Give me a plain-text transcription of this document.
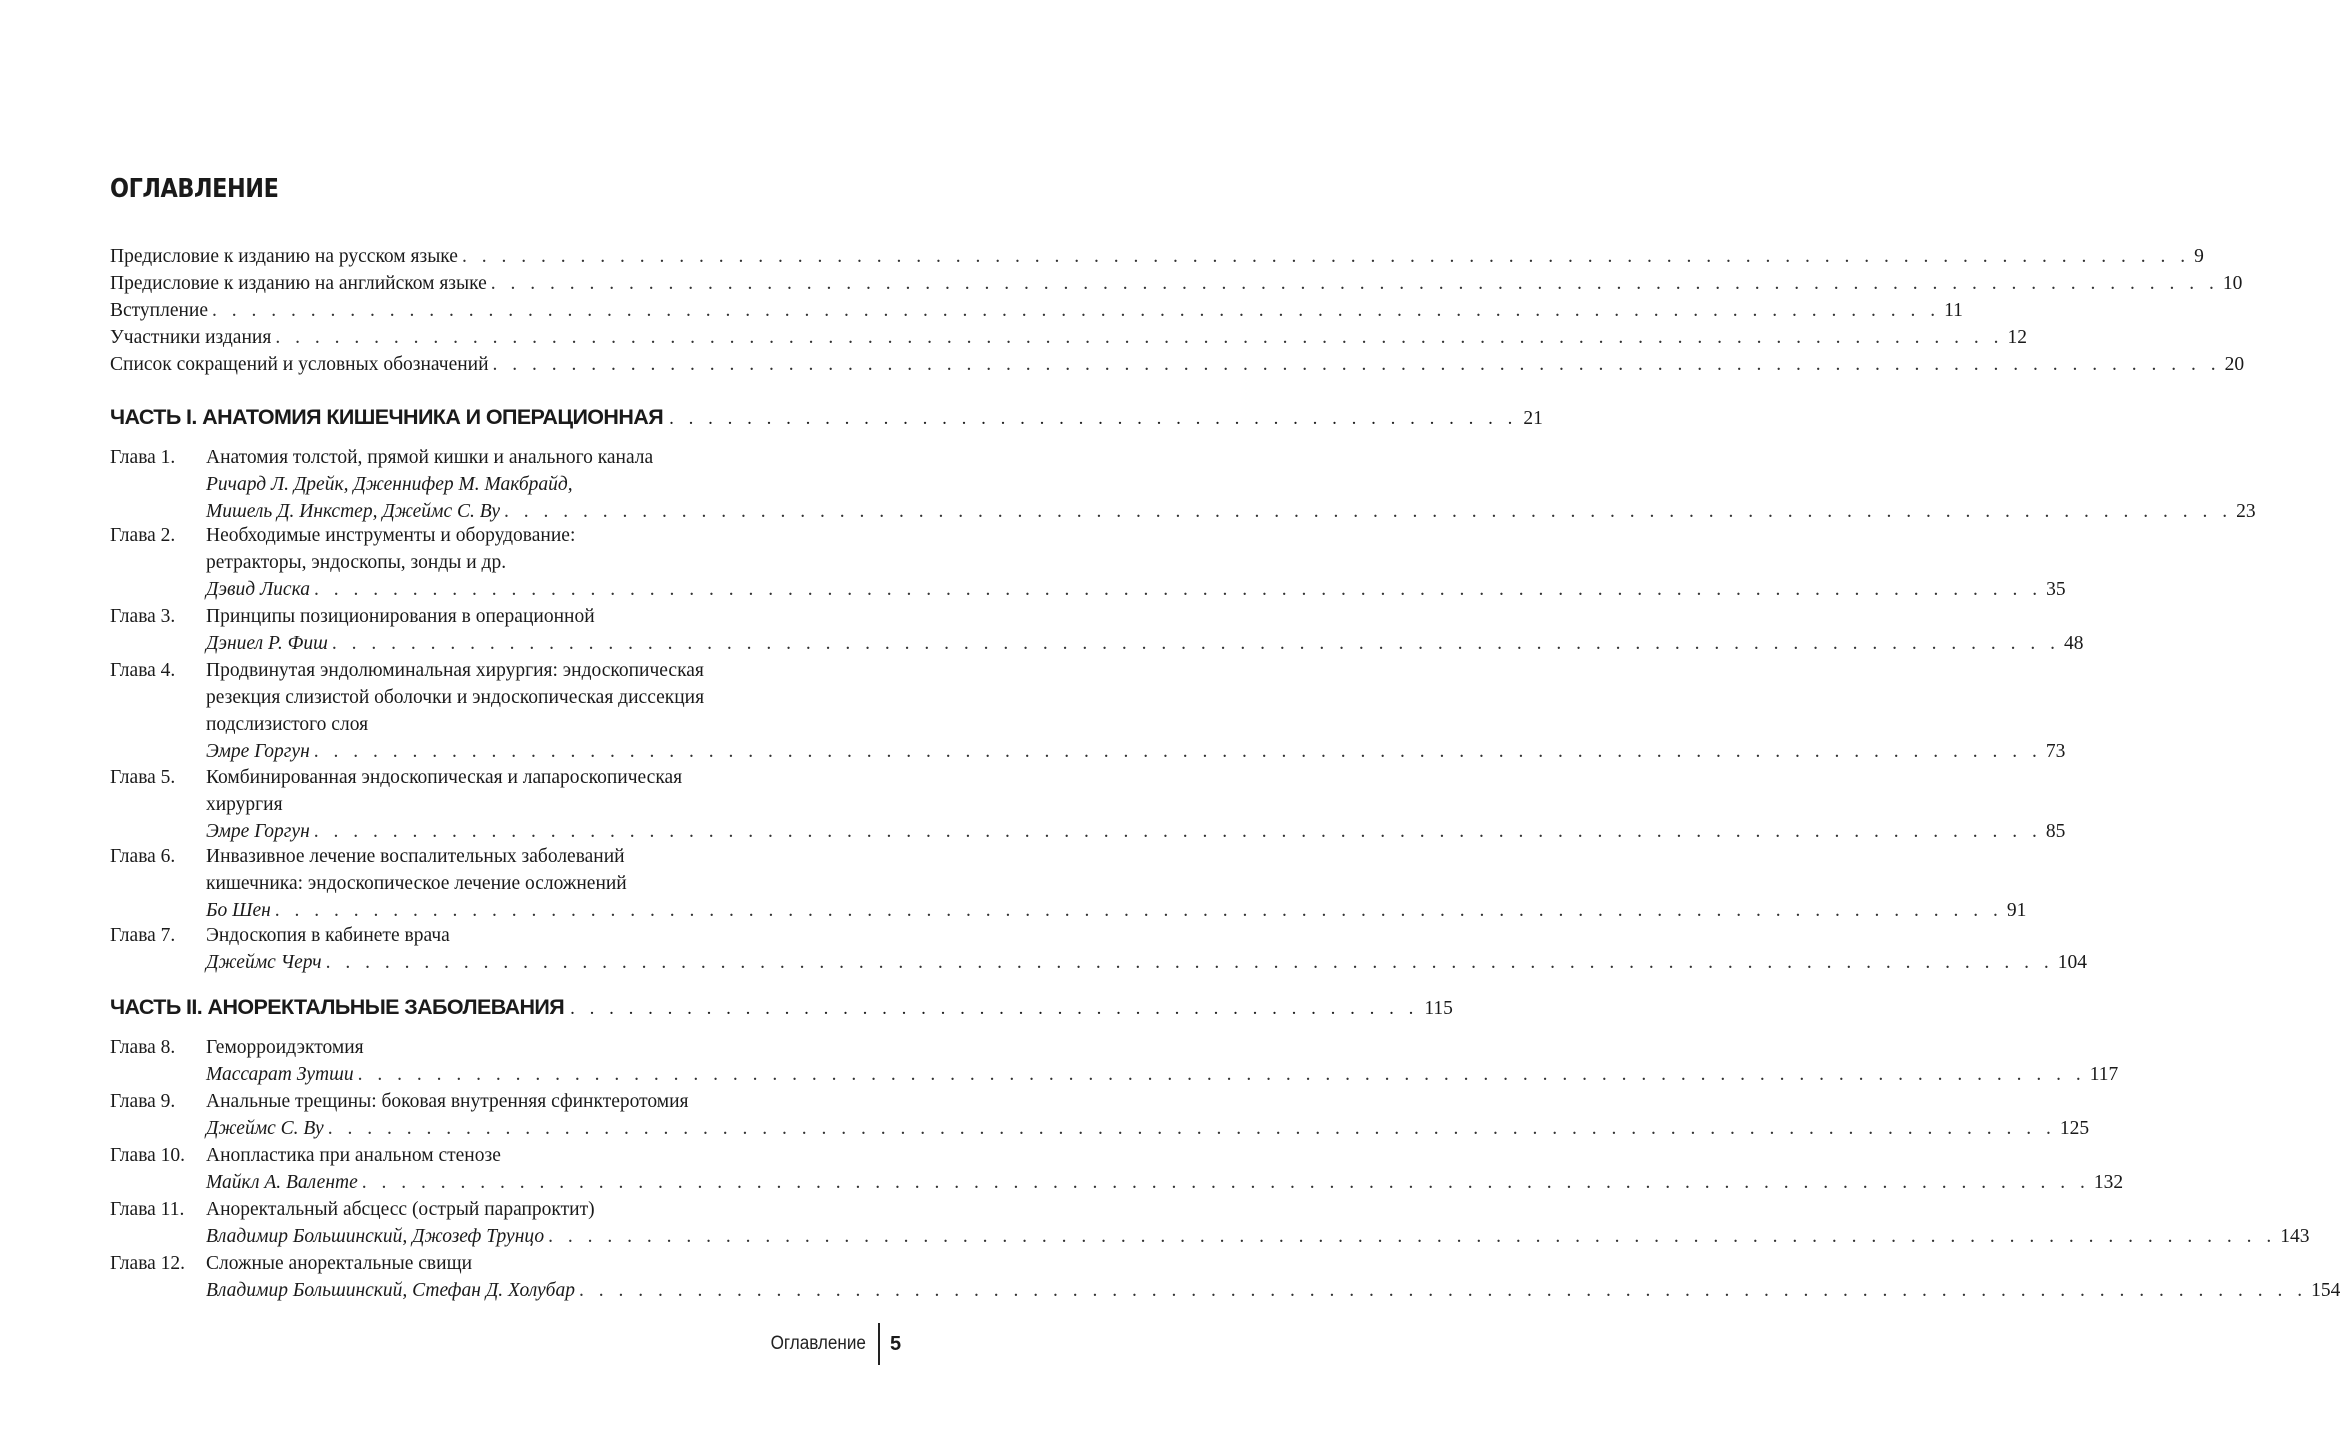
ОГЛАВЛЕНИЕ
Предисловие к изданию на русском языке . . .	9
Предисловие к изданию на английском языке . . .	10
Вступление . . .	11
Участники издания . . .	12
Список сокращений и условных обозначений . . .	20
ЧАСТЬ I. АНАТОМИЯ КИШЕЧНИКА И ОПЕРАЦИОННАЯ . . .	21
Глава 1.	Анатомия толстой, прямой кишки и анального канала
Ричард Л. Дрейк, Дженнифер М. Макбрайд,
Мишель Д. Инкстер, Джеймс С. Ву . . .	23
Глава 2.	Необходимые инструменты и оборудование:
ретракторы, эндоскопы, зонды и др.
Дэвид Лиска . . .	35
Глава 3.	Принципы позиционирования в операционной
Дэниел Р. Фиш . . .	48
Глава 4.	Продвинутая эндолюминальная хирургия: эндоскопическая
резекция слизистой оболочки и эндоскопическая диссекция
подслизистого слоя
Эмре Горгун . . .	73
Глава 5.	Комбинированная эндоскопическая и лапароскопическая
хирургия
Эмре Горгун . . .	85
Глава 6.	Инвазивное лечение воспалительных заболеваний
кишечника: эндоскопическое лечение осложнений
Бо Шен . . .	91
Глава 7.	Эндоскопия в кабинете врача
Джеймс Черч . . .	104
ЧАСТЬ II. АНОРЕКТАЛЬНЫЕ ЗАБОЛЕВАНИЯ . . .	115
Глава 8.	Геморроидэктомия
Массарат Зутши . . .	117
Глава 9.	Анальные трещины: боковая внутренняя сфинктеротомия
Джеймс С. Ву . . .	125
Глава 10.	Анопластика при анальном стенозе
Майкл А. Валенте . . .	132
Глава 11.	Аноректальный абсцесс (острый парапроктит)
Владимир Большинский, Джозеф Трунцо . . .	143
Глава 12.	Сложные аноректальные свищи
Владимир Большинский, Стефан Д. Холубар . . .	154
Оглавление 5
